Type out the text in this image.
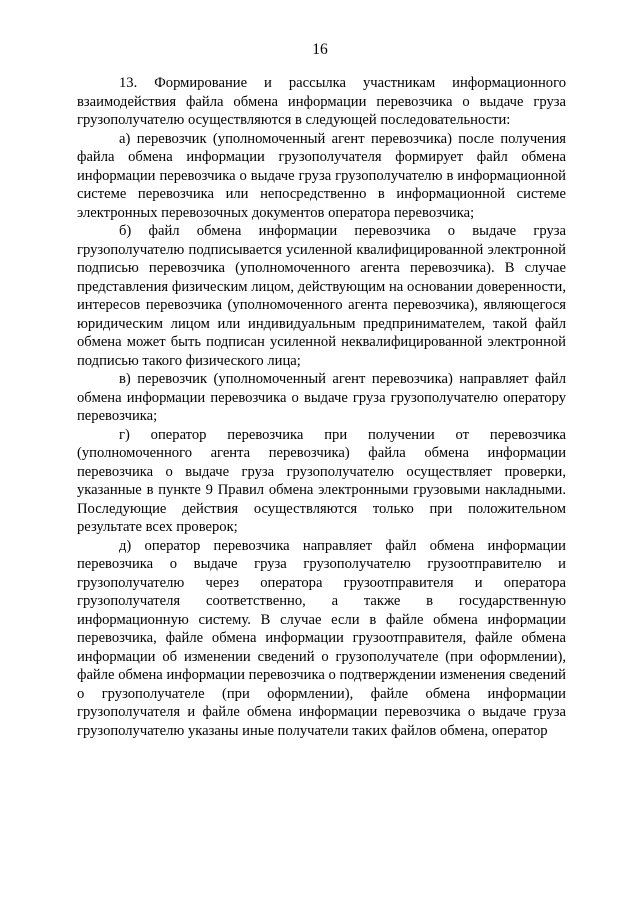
16

13. Формирование и рассылка участникам информационного взаимодействия файла обмена информации перевозчика о выдаче груза грузополучателю осуществляются в следующей последовательности:

а) перевозчик (уполномоченный агент перевозчика) после получения файла обмена информации грузополучателя формирует файл обмена информации перевозчика о выдаче груза грузополучателю в информационной системе перевозчика или непосредственно в информационной системе электронных перевозочных документов оператора перевозчика;

б) файл обмена информации перевозчика о выдаче груза грузополучателю подписывается усиленной квалифицированной электронной подписью перевозчика (уполномоченного агента перевозчика). В случае представления физическим лицом, действующим на основании доверенности, интересов перевозчика (уполномоченного агента перевозчика), являющегося юридическим лицом или индивидуальным предпринимателем, такой файл обмена может быть подписан усиленной неквалифицированной электронной подписью такого физического лица;

в) перевозчик (уполномоченный агент перевозчика) направляет файл обмена информации перевозчика о выдаче груза грузополучателю оператору перевозчика;

г) оператор перевозчика при получении от перевозчика (уполномоченного агента перевозчика) файла обмена информации перевозчика о выдаче груза грузополучателю осуществляет проверки, указанные в пункте 9 Правил обмена электронными грузовыми накладными. Последующие действия осуществляются только при положительном результате всех проверок;

д) оператор перевозчика направляет файл обмена информации перевозчика о выдаче груза грузополучателю грузоотправителю и грузополучателю через оператора грузоотправителя и оператора грузополучателя соответственно, а также в государственную информационную систему. В случае если в файле обмена информации перевозчика, файле обмена информации грузоотправителя, файле обмена информации об изменении сведений о грузополучателе (при оформлении), файле обмена информации перевозчика о подтверждении изменения сведений о грузополучателе (при оформлении), файле обмена информации грузополучателя и файле обмена информации перевозчика о выдаче груза грузополучателю указаны иные получатели таких файлов обмена, оператор
